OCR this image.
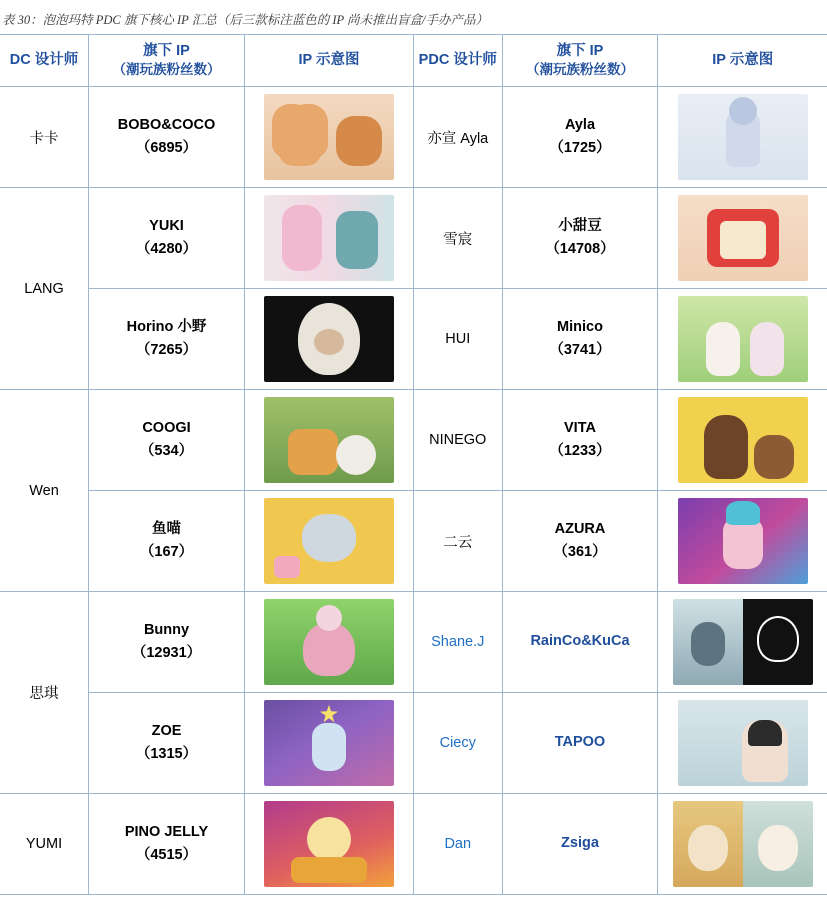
表 30：泡泡玛特 PDC 旗下核心 IP 汇总（后三款标注蓝色的 IP 尚未推出盲盒/手办产品）
DC 设计师	旗下 IP
（潮玩族粉丝数）	IP 示意图	PDC 设计师	旗下 IP
（潮玩族粉丝数）	IP 示意图
卡卡	BOBO&COCO
（6895）		亦宣 Ayla	Ayla
（1725）	

LANG	YUKI
（4280）		雪宸	小甜豆
（14708）	

	Horino 小野
（7265）		HUI	Minico
（3741）	

Wen	COOGI
（534）		NINEGO	VITA
（1233）	

	鱼喵
（167）		二云	AZURA
（361）	

思琪	Bunny
（12931）		Shane.J	RainCo&KuCa

	ZOE
（1315）		Ciecy	TAPOO

YUMI	PINO JELLY
（4515）		Dan	Zsiga
